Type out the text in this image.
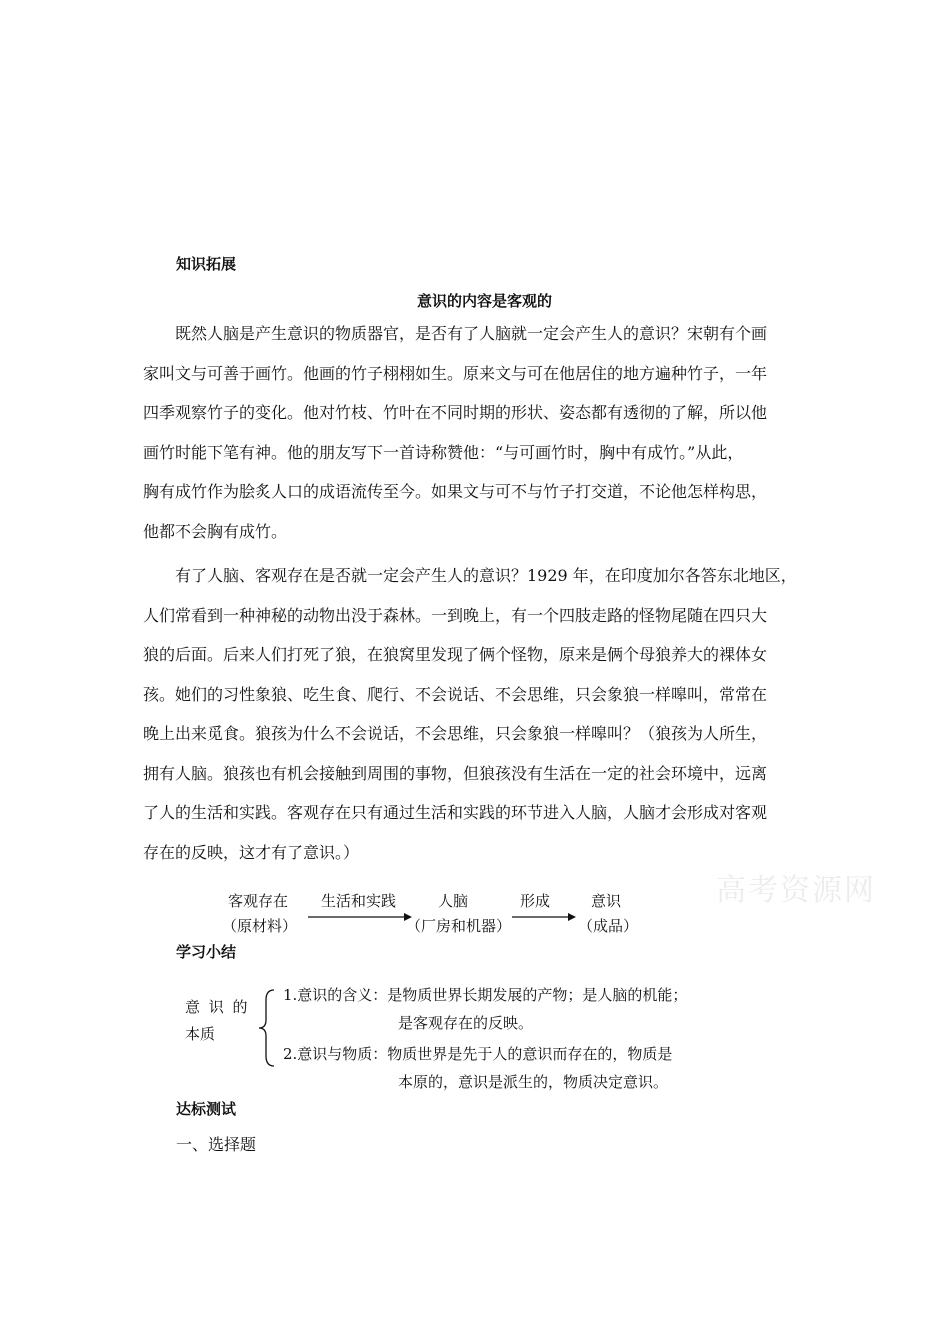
知识拓展
意识的内容是客观的
既然人脑是产生意识的物质器官，是否有了人脑就一定会产生人的意识？宋朝有个画
家叫文与可善于画竹。他画的竹子栩栩如生。原来文与可在他居住的地方遍种竹子，一年
四季观察竹子的变化。他对竹枝、竹叶在不同时期的形状、姿态都有透彻的了解，所以他
画竹时能下笔有神。他的朋友写下一首诗称赞他：“与可画竹时，胸中有成竹。”从此，
胸有成竹作为脍炙人口的成语流传至今。如果文与可不与竹子打交道，不论他怎样构思，
他都不会胸有成竹。
有了人脑、客观存在是否就一定会产生人的意识？1929 年，在印度加尔各答东北地区，
人们常看到一种神秘的动物出没于森林。一到晚上，有一个四肢走路的怪物尾随在四只大
狼的后面。后来人们打死了狼，在狼窝里发现了俩个怪物，原来是俩个母狼养大的裸体女
孩。她们的习性象狼、吃生食、爬行、不会说话、不会思维，只会象狼一样嗥叫，常常在
晚上出来觅食。狼孩为什么不会说话，不会思维，只会象狼一样嗥叫？（狼孩为人所生，
拥有人脑。狼孩也有机会接触到周围的事物，但狼孩没有生活在一定的社会环境中，远离
了人的生活和实践。客观存在只有通过生活和实践的环节进入人脑，人脑才会形成对客观
存在的反映，这才有了意识。）
高考资源网
客观存在
（原材料）
生活和实践	人脑
（厂房和机器）
形成	意识
（成品）
学习小结
意 识 的
本质
1.意识的含义：是物质世界长期发展的产物；是人脑的机能；
是客观存在的反映。
2.意识与物质：物质世界是先于人的意识而存在的，物质是
本原的，意识是派生的，物质决定意识。
达标测试
一、选择题
